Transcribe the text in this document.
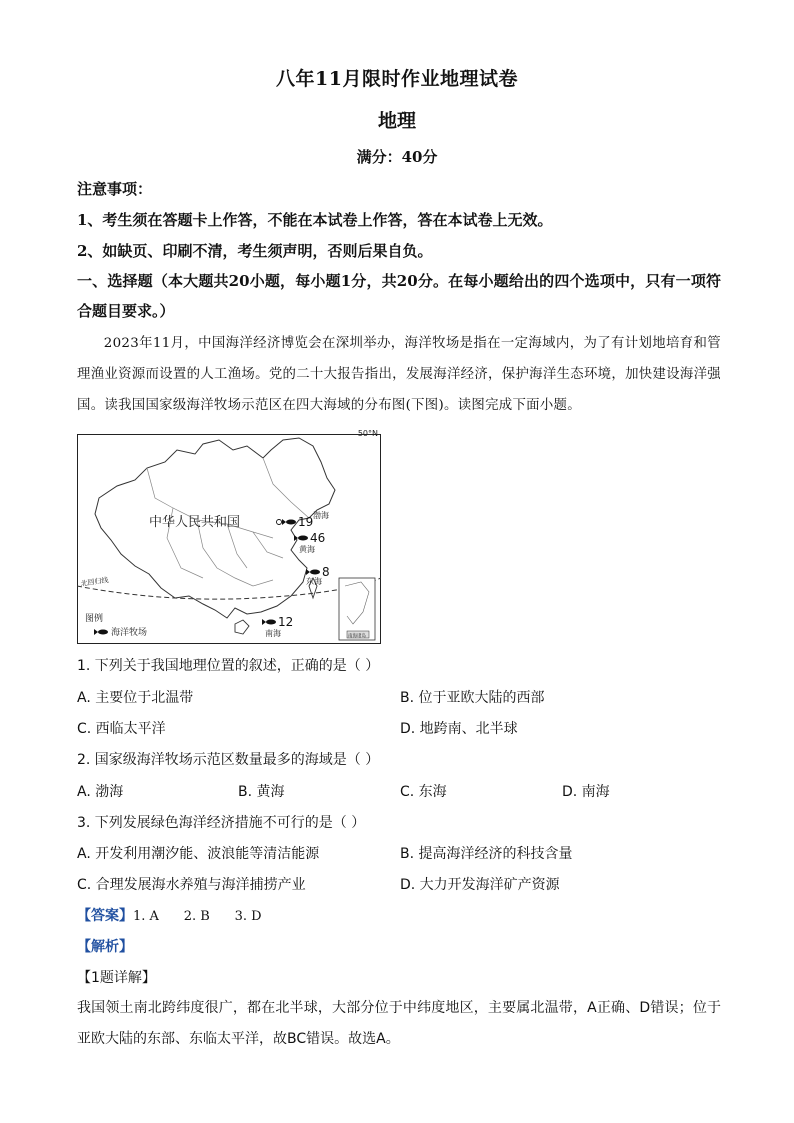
八年11月限时作业地理试卷
地理
满分：40分
注意事项：
1、考生须在答题卡上作答，不能在本试卷上作答，答在本试卷上无效。
2、如缺页、印刷不清，考生须声明，否则后果自负。
一、选择题（本大题共20小题，每小题1分，共20分。在每小题给出的四个选项中，只有一项符合题目要求。）
2023年11月，中国海洋经济博览会在深圳举办，海洋牧场是指在一定海域内，为了有计划地培育和管理渔业资源而设置的人工渔场。党的二十大报告指出，发展海洋经济，保护海洋生态环境，加快建设海洋强国。读我国国家级海洋牧场示范区在四大海域的分布图(下图)。读图完成下面小题。
50°N
中华人民共和国	渤海
19
黄海
46
东海
8
南海
12
北回归线
图例
海洋牧场	南海诸岛
1. 下列关于我国地理位置的叙述，正确的是（ ）
A. 主要位于北温带	B. 位于亚欧大陆的西部
C. 西临太平洋	D. 地跨南、北半球
2. 国家级海洋牧场示范区数量最多的海域是（ ）
A. 渤海	B. 黄海	C. 东海	D. 南海
3. 下列发展绿色海洋经济措施不可行的是（ ）
A. 开发利用潮汐能、波浪能等清洁能源	B. 提高海洋经济的科技含量
C. 合理发展海水养殖与海洋捕捞产业	D. 大力开发海洋矿产资源
【答案】1. A      2. B      3. D
【解析】
【1题详解】
我国领土南北跨纬度很广，都在北半球，大部分位于中纬度地区，主要属北温带，A正确、D错误；位于亚欧大陆的东部、东临太平洋，故BC错误。故选A。
